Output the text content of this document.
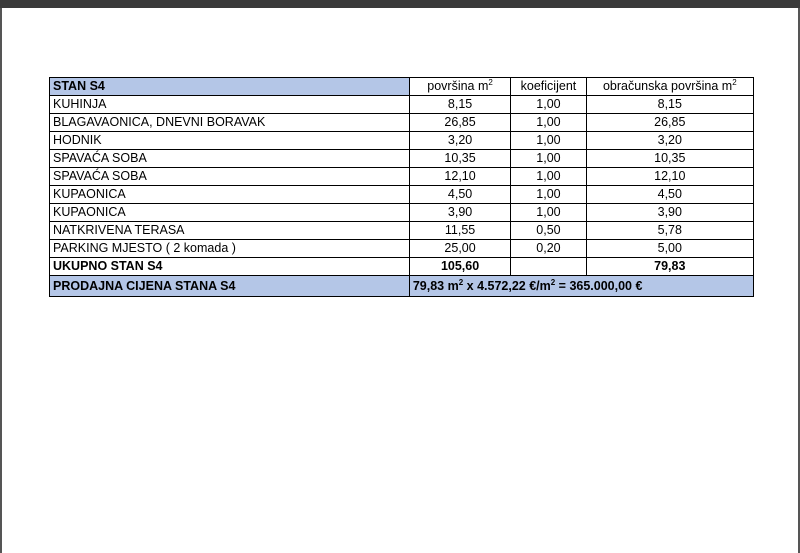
STAN S4	površina $m^2$	koeficijent	obračunska površina $m^2$
KUHINJA	8,15	1,00	8,15
BLAGAVAONICA, DNEVNI BORAVAK	26,85	1,00	26,85
HODNIK	3,20	1,00	3,20
SPAVAĆA SOBA	10,35	1,00	10,35
SPAVAĆA SOBA	12,10	1,00	12,10
KUPAONICA	4,50	1,00	4,50
KUPAONICA	3,90	1,00	3,90
NATKRIVENA TERASA	11,55	0,50	5,78
PARKING MJESTO ( 2 komada )	25,00	0,20	5,00
UKUPNO STAN S4	105,60		79,83
PRODAJNA CIJENA STANA S4	79,83 $m^2$ x 4.572,22 $€/m^2 = 365.000,00$ €		
